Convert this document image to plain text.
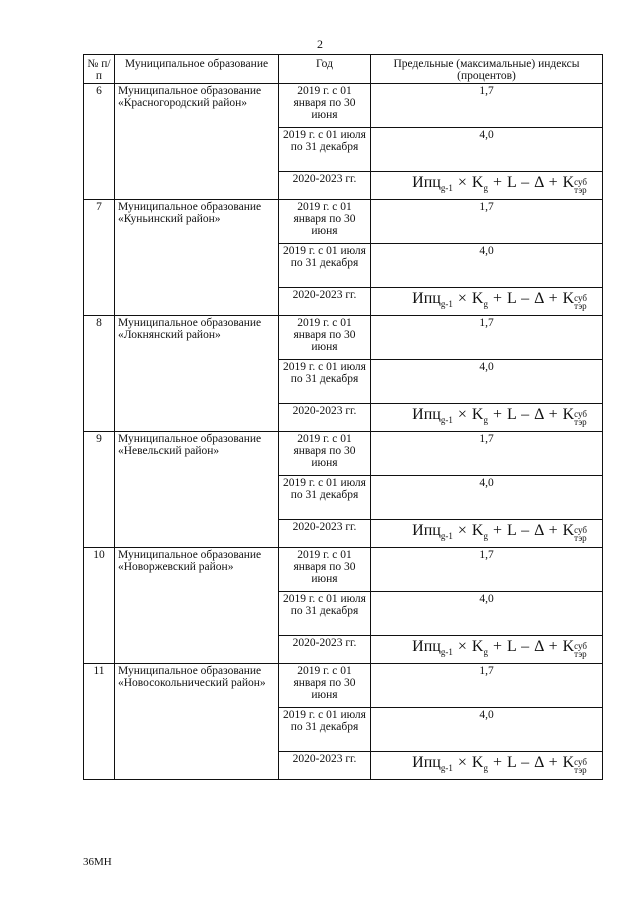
2
№ п/п	Муниципальное образование	Год	Предельные (максимальные) индексы (процентов)
6	Муниципальное образование «Красногородский район»	2019 г. с 01 января по 30 июня	1,7
		2019 г. с 01 июля по 31 декабря	4,0
		2020-2023 гг.	$Ипц_{g-1} \times K_g + L - \Delta + K$ суб
тэр

7	Муниципальное образование «Куньинский район»	2019 г. с 01 января по 30 июня	1,7
		2019 г. с 01 июля по 31 декабря	4,0
		2020-2023 гг.	$Ипц_{g-1} \times K_g + L - \Delta + K$ суб
тэр

8	Муниципальное образование «Локнянский район»	2019 г. с 01 января по 30 июня	1,7
		2019 г. с 01 июля по 31 декабря	4,0
		2020-2023 гг.	$Ипц_{g-1} \times K_g + L - \Delta + K$ суб
тэр

9	Муниципальное образование «Невельский район»	2019 г. с 01 января по 30 июня	1,7
		2019 г. с 01 июля по 31 декабря	4,0
		2020-2023 гг.	$Ипц_{g-1} \times K_g + L - \Delta + K$ суб
тэр

10	Муниципальное образование «Новоржевский район»	2019 г. с 01 января по 30 июня	1,7
		2019 г. с 01 июля по 31 декабря	4,0
		2020-2023 гг.	$Ипц_{g-1} \times K_g + L - \Delta + K$ суб
тэр

11	Муниципальное образование «Новосокольнический район»	2019 г. с 01 января по 30 июня	1,7
		2019 г. с 01 июля по 31 декабря	4,0
		2020-2023 гг.	$Ипц_{g-1} \times K_g + L - \Delta + K$ суб
тэр
36МН
